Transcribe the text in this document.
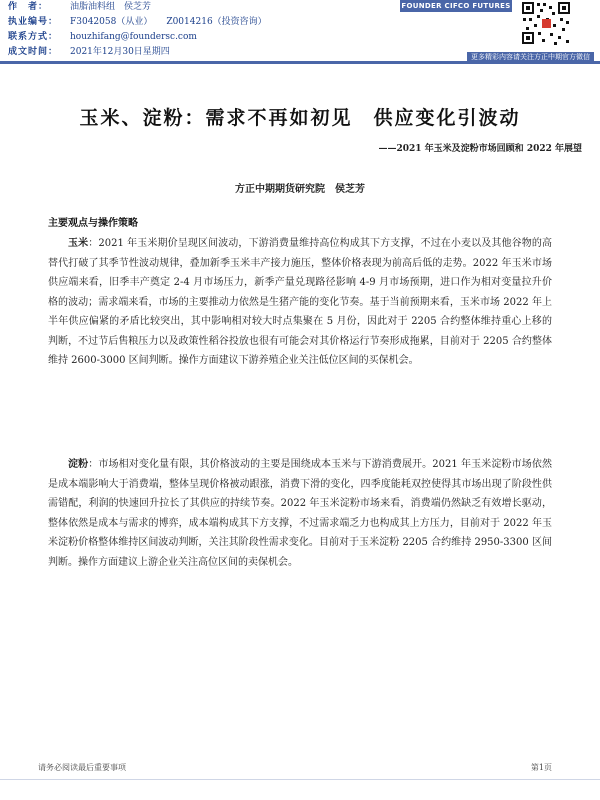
作　者：	油脂油料组　侯芝芳
执业编号：	F3042058（从业） Z0014216（投资咨询）
联系方式：	houzhifang@foundersc.com
成文时间：	2021年12月30日星期四
FOUNDER CIFCO FUTURES
更多精彩内容请关注方正中期官方微信
玉米、淀粉：需求不再如初见　供应变化引波动
——2021 年玉米及淀粉市场回顾和 2022 年展望
方正中期期货研究院　侯芝芳
主要观点与操作策略

玉米：2021 年玉米期价呈现区间波动，下游消费量维持高位构成其下方支撑，不过在小麦以及其他谷物的高替代打破了其季节性波动规律，叠加新季玉米丰产接力施压，整体价格表现为前高后低的走势。2022 年玉米市场供应端来看，旧季丰产奠定 2-4 月市场压力，新季产量兑现路径影响 4-9 月市场预期，进口作为相对变量拉升价格的波动；需求端来看，市场的主要推动力依然是生猪产能的变化节奏。基于当前预期来看，玉米市场 2022 年上半年供应偏紧的矛盾比较突出，其中影响相对较大时点集聚在 5 月份，因此对于 2205 合约整体维持重心上移的判断，不过节后售粮压力以及政策性稻谷投放也很有可能会对其价格运行节奏形成拖累，目前对于 2205 合约整体维持 2600-3000 区间判断。操作方面建议下游养殖企业关注低位区间的买保机会。

淀粉：市场相对变化量有限，其价格波动的主要是围绕成本玉米与下游消费展开。2021 年玉米淀粉市场依然是成本端影响大于消费端，整体呈现价格被动跟涨，消费下滑的变化，四季度能耗双控使得其市场出现了阶段性供需错配，利润的快速回升拉长了其供应的持续节奏。2022 年玉米淀粉市场来看，消费端仍然缺乏有效增长驱动，整体依然是成本与需求的博弈，成本端构成其下方支撑，不过需求端乏力也构成其上方压力，目前对于 2022 年玉米淀粉价格整体维持区间波动判断，关注其阶段性需求变化。目前对于玉米淀粉 2205 合约维持 2950-3300 区间判断。操作方面建议上游企业关注高位区间的卖保机会。

请务必阅读最后重要事项	第1页
